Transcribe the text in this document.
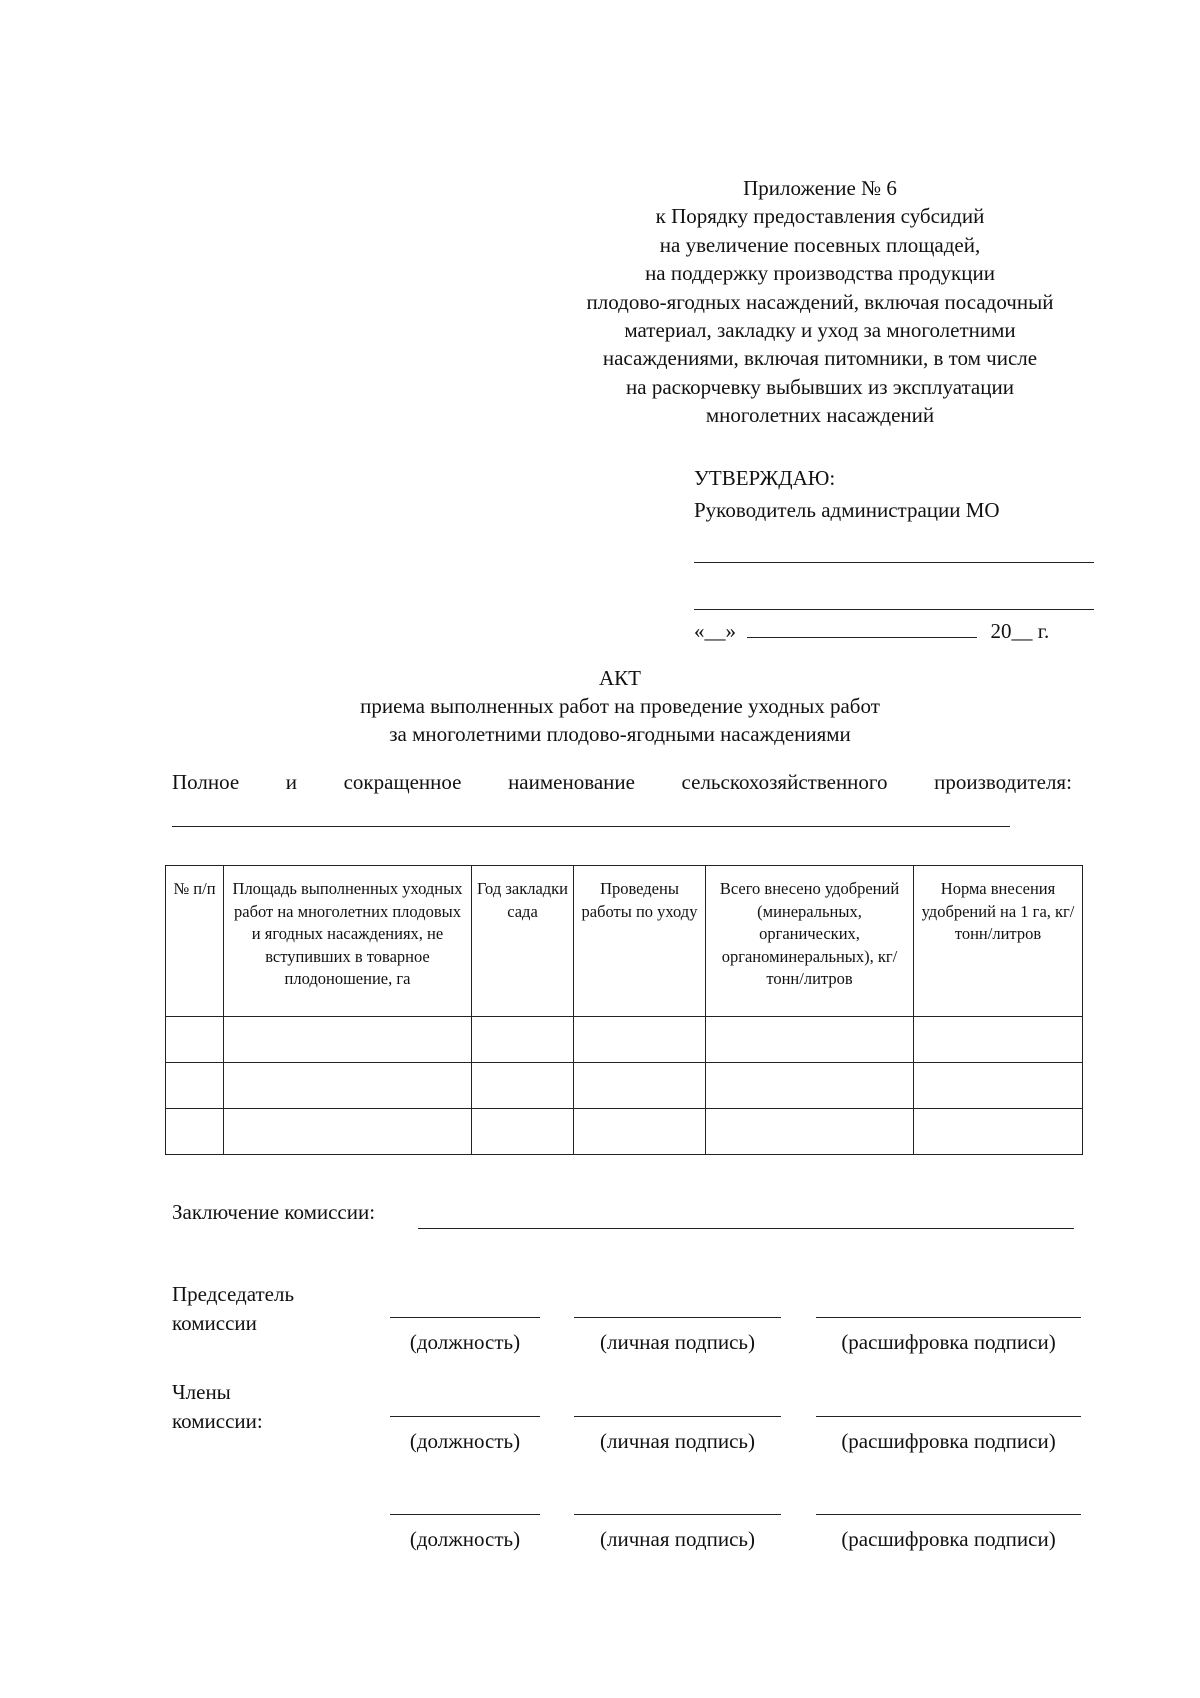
Приложение № 6
к Порядку предоставления субсидий
на увеличение посевных площадей,
на поддержку производства продукции
плодово-ягодных насаждений, включая посадочный
материал, закладку и уход за многолетними
насаждениями, включая питомники, в том числе
на раскорчевку выбывших из эксплуатации
многолетних насаждений
УТВЕРЖДАЮ:
Руководитель администрации МО
«__»	20__ г.
АКТ
приема выполненных работ на проведение уходных работ
за многолетними плодово-ягодными насаждениями
Полное и сокращенное наименование сельскохозяйственного производителя:
№ п/п	Площадь выполненных уходных работ на многолетних плодовых и ягодных насаждениях, не вступивших в товарное плодоношение, га	Год закладки сада	Проведены работы по уходу	Всего внесено удобрений (минеральных, органических, органоминеральных), кг/тонн/литров	Норма внесения удобрений на 1 га, кг/тонн/литров

Заключение комиссии:
Председатель
комиссии
(должность)	(личная подпись)	(расшифровка подписи)
Члены
комиссии:
(должность)	(личная подпись)	(расшифровка подписи)
(должность)	(личная подпись)	(расшифровка подписи)
